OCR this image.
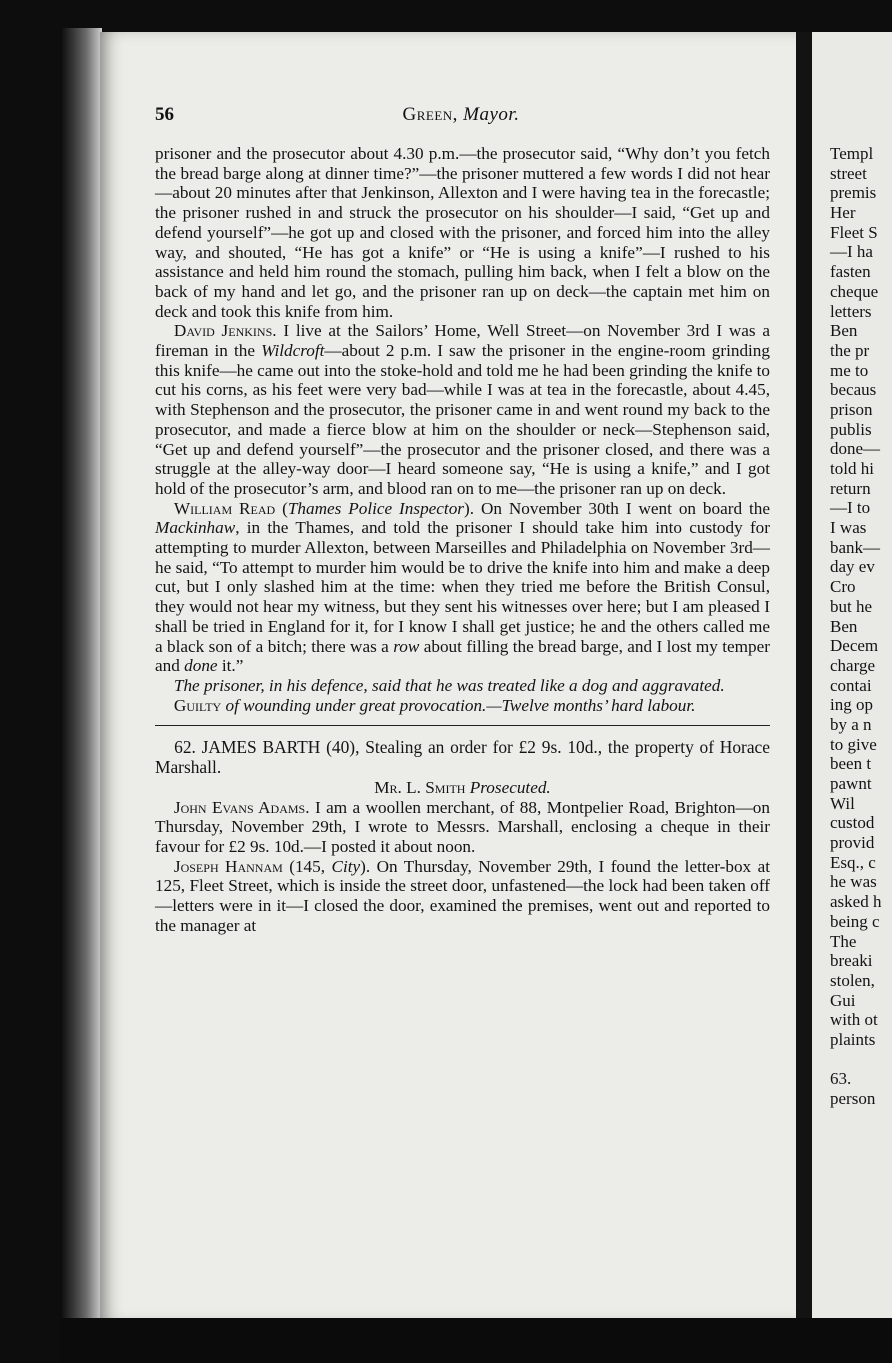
56	Green, Mayor.

prisoner and the prosecutor about 4.30 p.m.—the prosecutor said, “Why don’t you fetch the bread barge along at dinner time?”—the prisoner muttered a few words I did not hear—about 20 minutes after that Jenkinson, Allexton and I were having tea in the forecastle; the prisoner rushed in and struck the prosecutor on his shoulder—I said, “Get up and defend yourself”—he got up and closed with the prisoner, and forced him into the alley way, and shouted, “He has got a knife” or “He is using a knife”—I rushed to his assistance and held him round the stomach, pulling him back, when I felt a blow on the back of my hand and let go, and the prisoner ran up on deck—the captain met him on deck and took this knife from him.

David Jenkins. I live at the Sailors’ Home, Well Street—on November 3rd I was a fireman in the Wildcroft—about 2 p.m. I saw the prisoner in the engine-room grinding this knife—he came out into the stoke-hold and told me he had been grinding the knife to cut his corns, as his feet were very bad—while I was at tea in the forecastle, about 4.45, with Stephenson and the prosecutor, the prisoner came in and went round my back to the prosecutor, and made a fierce blow at him on the shoulder or neck—Stephenson said, “Get up and defend yourself”—the prosecutor and the prisoner closed, and there was a struggle at the alley-way door—I heard someone say, “He is using a knife,” and I got hold of the prosecutor’s arm, and blood ran on to me—the prisoner ran up on deck.

William Read (Thames Police Inspector). On November 30th I went on board the Mackinhaw, in the Thames, and told the prisoner I should take him into custody for attempting to murder Allexton, between Marseilles and Philadelphia on November 3rd—he said, “To attempt to murder him would be to drive the knife into him and make a deep cut, but I only slashed him at the time: when they tried me before the British Consul, they would not hear my witness, but they sent his witnesses over here; but I am pleased I shall be tried in England for it, for I know I shall get justice; he and the others called me a black son of a bitch; there was a row about filling the bread barge, and I lost my temper and done it.”

The prisoner, in his defence, said that he was treated like a dog and aggravated.

Guilty of wounding under great provocation.—Twelve months’ hard labour.

62. JAMES BARTH (40), Stealing an order for £2 9s. 10d., the property of Horace Marshall.

Mr. L. Smith Prosecuted.

John Evans Adams. I am a woollen merchant, of 88, Montpelier Road, Brighton—on Thursday, November 29th, I wrote to Messrs. Marshall, enclosing a cheque in their favour for £2 9s. 10d.—I posted it about noon.

Joseph Hannam (145, City). On Thursday, November 29th, I found the letter-box at 125, Fleet Street, which is inside the street door, unfastened—the lock had been taken off—letters were in it—I closed the door, examined the premises, went out and reported to the manager at

Templ
street
premis
Her
Fleet S
—I ha
fasten
cheque
letters
Ben
the pr
me to
becaus
prison
publis
done—
told hi
return
—I to
I was
bank—
day ev
Cro
but he
Ben
Decem
charge
contai
ing op
by a n
to give
been t
pawnt
Wil
custod
provid
Esq., c
he was
asked h
being c
The
breaki
stolen,
Gui
with ot
plaints
63.
person
